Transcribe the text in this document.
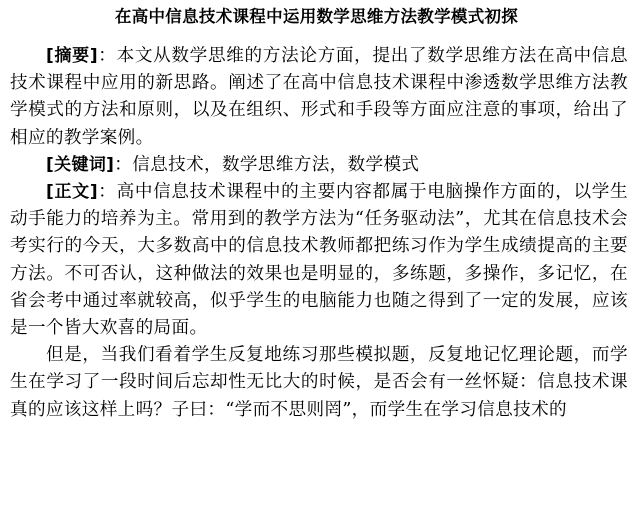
在高中信息技术课程中运用数学思维方法教学模式初探

[摘要]：本文从数学思维的方法论方面，提出了数学思维方法在高中信息技术课程中应用的新思路。阐述了在高中信息技术课程中渗透数学思维方法教学模式的方法和原则，以及在组织、形式和手段等方面应注意的事项，给出了相应的教学案例。

[关键词]：信息技术，数学思维方法，数学模式

[正文]：高中信息技术课程中的主要内容都属于电脑操作方面的，以学生动手能力的培养为主。常用到的教学方法为“任务驱动法”，尤其在信息技术会考实行的今天，大多数高中的信息技术教师都把练习作为学生成绩提高的主要方法。不可否认，这种做法的效果也是明显的，多练题，多操作，多记忆，在省会考中通过率就较高，似乎学生的电脑能力也随之得到了一定的发展，应该是一个皆大欢喜的局面。

但是，当我们看着学生反复地练习那些模拟题，反复地记忆理论题，而学生在学习了一段时间后忘却性无比大的时候，是否会有一丝怀疑：信息技术课真的应该这样上吗？子曰：“学而不思则罔”，而学生在学习信息技术的
